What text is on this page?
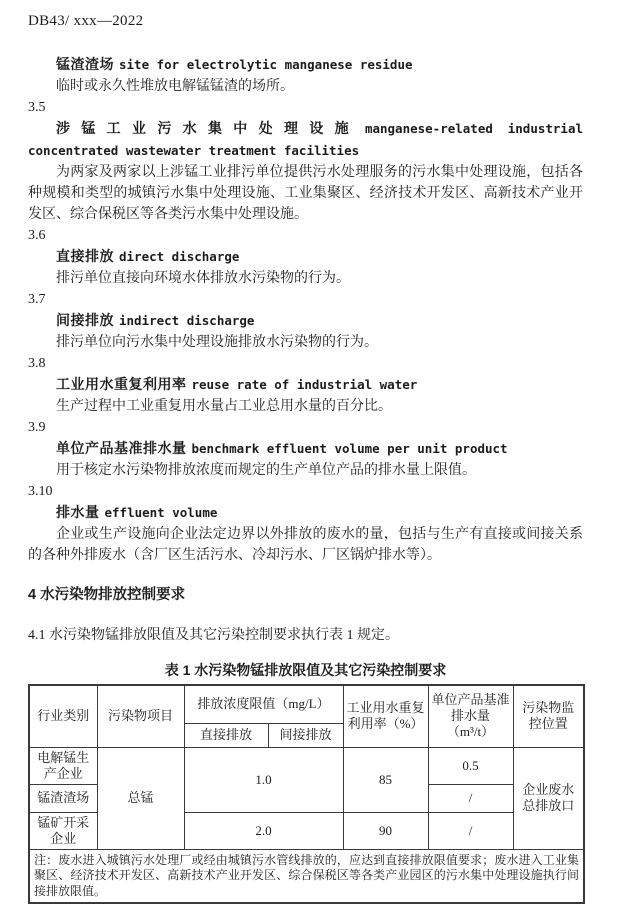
DB43/ xxx—2022
锰渣渣场 site for electrolytic manganese residue
临时或永久性堆放电解锰锰渣的场所。
3.5
涉锰工业污水集中处理设施 manganese-related industrial concentrated wastewater treatment facilities
为两家及两家以上涉锰工业排污单位提供污水处理服务的污水集中处理设施，包括各种规模和类型的城镇污水集中处理设施、工业集聚区、经济技术开发区、高新技术产业开发区、综合保税区等各类污水集中处理设施。
3.6
直接排放 direct discharge
排污单位直接向环境水体排放水污染物的行为。
3.7
间接排放 indirect discharge
排污单位向污水集中处理设施排放水污染物的行为。
3.8
工业用水重复利用率 reuse rate of industrial water
生产过程中工业重复用水量占工业总用水量的百分比。
3.9
单位产品基准排水量 benchmark effluent volume per unit product
用于核定水污染物排放浓度而规定的生产单位产品的排水量上限值。
3.10
排水量 effluent volume
企业或生产设施向企业法定边界以外排放的废水的量，包括与生产有直接或间接关系的各种外排废水（含厂区生活污水、冷却污水、厂区锅炉排水等）。
4 水污染物排放控制要求
4.1 水污染物锰排放限值及其它污染控制要求执行表 1 规定。
表 1 水污染物锰排放限值及其它污染控制要求
行业类别	污染物项目	排放浓度限值（mg/L）		工业用水重复利用率（%）	单位产品基准排水量（m³/t）	污染物监控位置
		直接排放	间接排放			
电解锰生产企业	总锰	1.0		85	0.5	企业废水总排放口
锰渣渣场					/	
锰矿开采企业		2.0		90	/	
注：废水进入城镇污水处理厂或经由城镇污水管线排放的，应达到直接排放限值要求；废水进入工业集聚区、经济技术开发区、高新技术产业开发区、综合保税区等各类产业园区的污水集中处理设施执行间接排放限值。						
